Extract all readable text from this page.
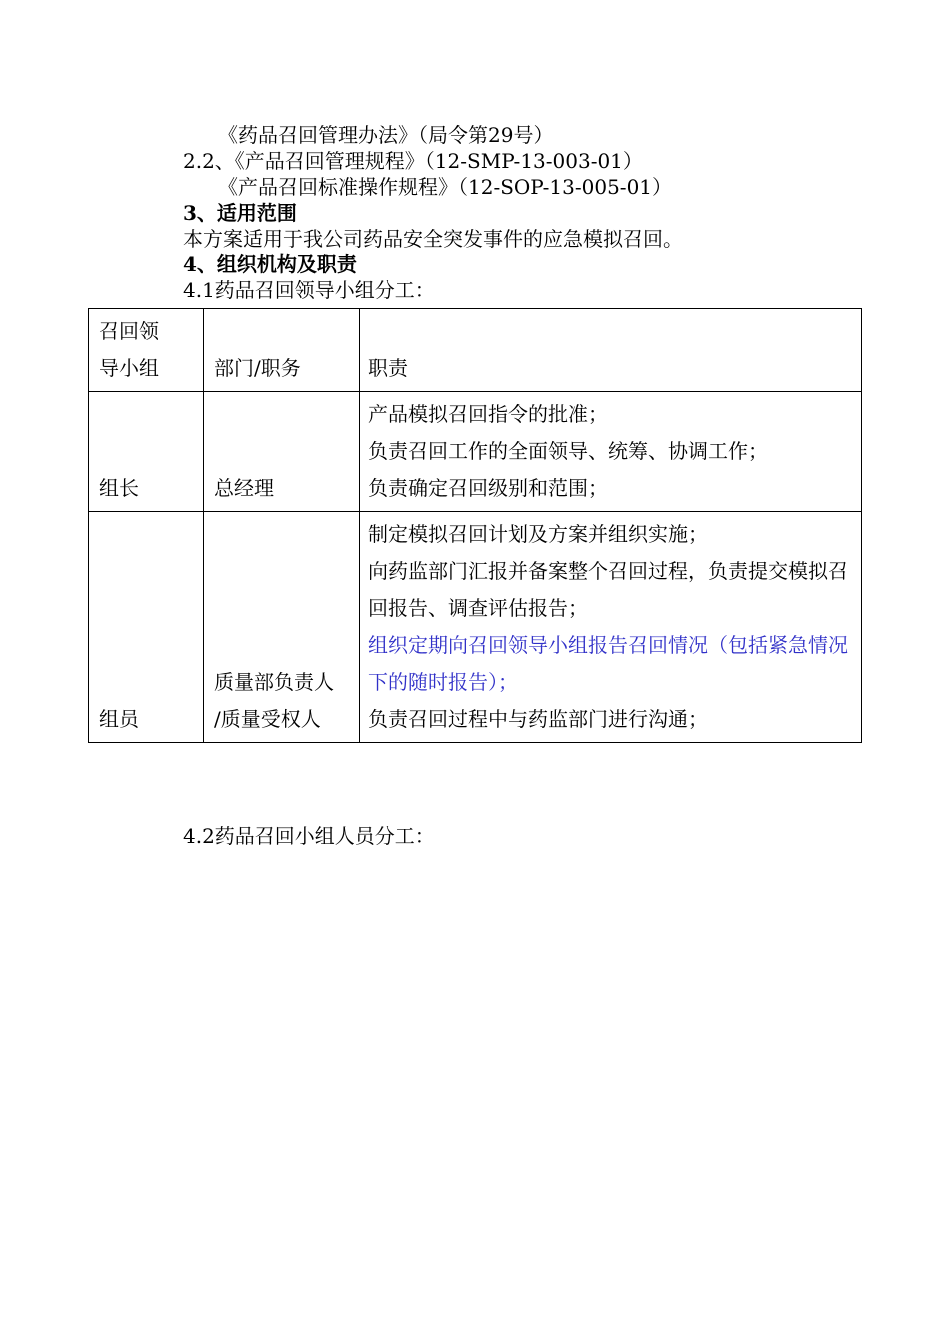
《药品召回管理办法》（局令第29号）

2.2、《产品召回管理规程》（12-SMP-13-003-01）

《产品召回标准操作规程》（12-SOP-13-005-01）

3、适用范围

本方案适用于我公司药品安全突发事件的应急模拟召回。

4、组织机构及职责

4.1药品召回领导小组分工：

召回领
导小组	部门/职务	职责

组长	总经理	产品模拟召回指令的批准；
负责召回工作的全面领导、统筹、协调工作；
负责确定召回级别和范围；

组员	质量部负责人
/质量受权人	制定模拟召回计划及方案并组织实施；
向药监部门汇报并备案整个召回过程，负责提交模拟召回报告、调查评估报告；
组织定期向召回领导小组报告召回情况（包括紧急情况下的随时报告）；
负责召回过程中与药监部门进行沟通；

4.2药品召回小组人员分工：
